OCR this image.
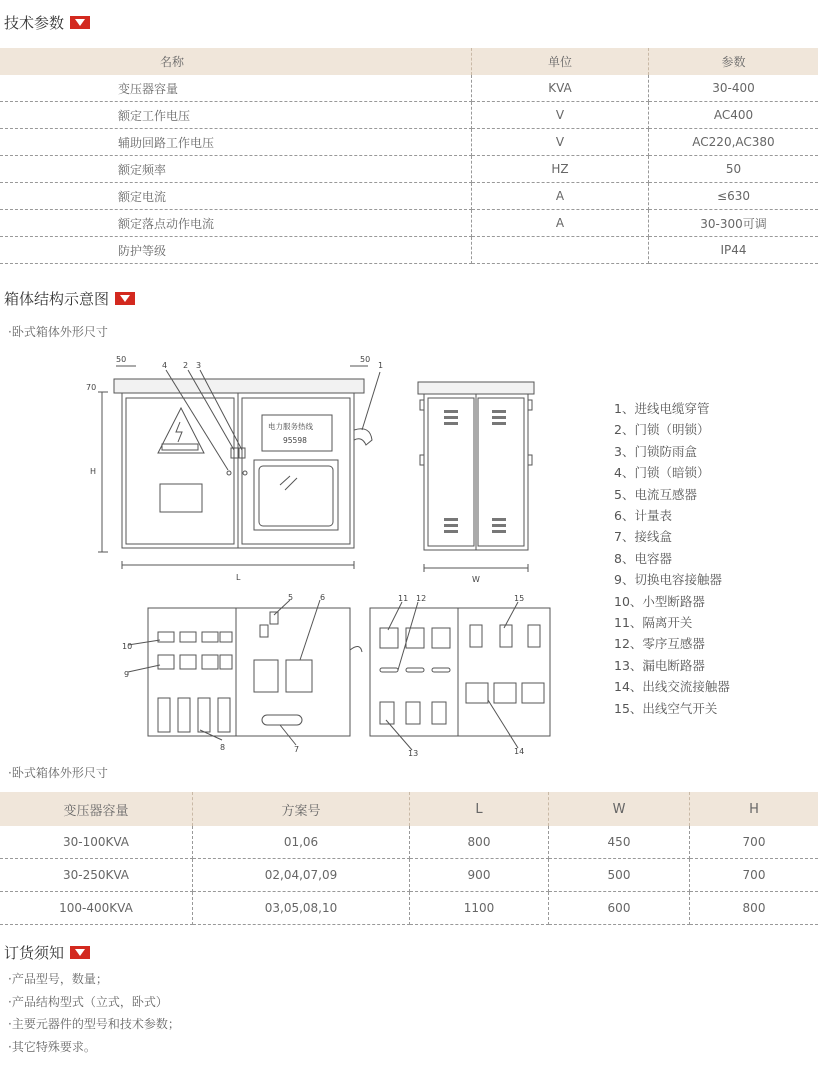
技术参数
名称	单位	参数
变压器容量	KVA	30-400
额定工作电压	V	AC400
辅助回路工作电压	V	AC220,AC380
额定频率	HZ	50
额定电流	A	≤630
额定落点动作电流	A	30-300可调
防护等级		IP44
箱体结构示意图
·卧式箱体外形尺寸
50	50
70
H
L	W
电力服务热线
95598
1
2 3
4
5	6
7
8
9
10
11 12
13	14
15
1、进线电缆穿管
2、门锁（明锁）
3、门锁防雨盒
4、门锁（暗锁）
5、电流互感器
6、计量表
7、接线盒
8、电容器
9、切换电容接触器
10、小型断路器
11、隔离开关
12、零序互感器
13、漏电断路器
14、出线交流接触器
15、出线空气开关
·卧式箱体外形尺寸
变压器容量	方案号	L	W	H
30-100KVA	01,06	800	450	700
30-250KVA	02,04,07,09	900	500	700
100-400KVA	03,05,08,10	1100	600	800
订货须知
·产品型号，数量；
·产品结构型式（立式，卧式）
·主要元器件的型号和技术参数；
·其它特殊要求。
